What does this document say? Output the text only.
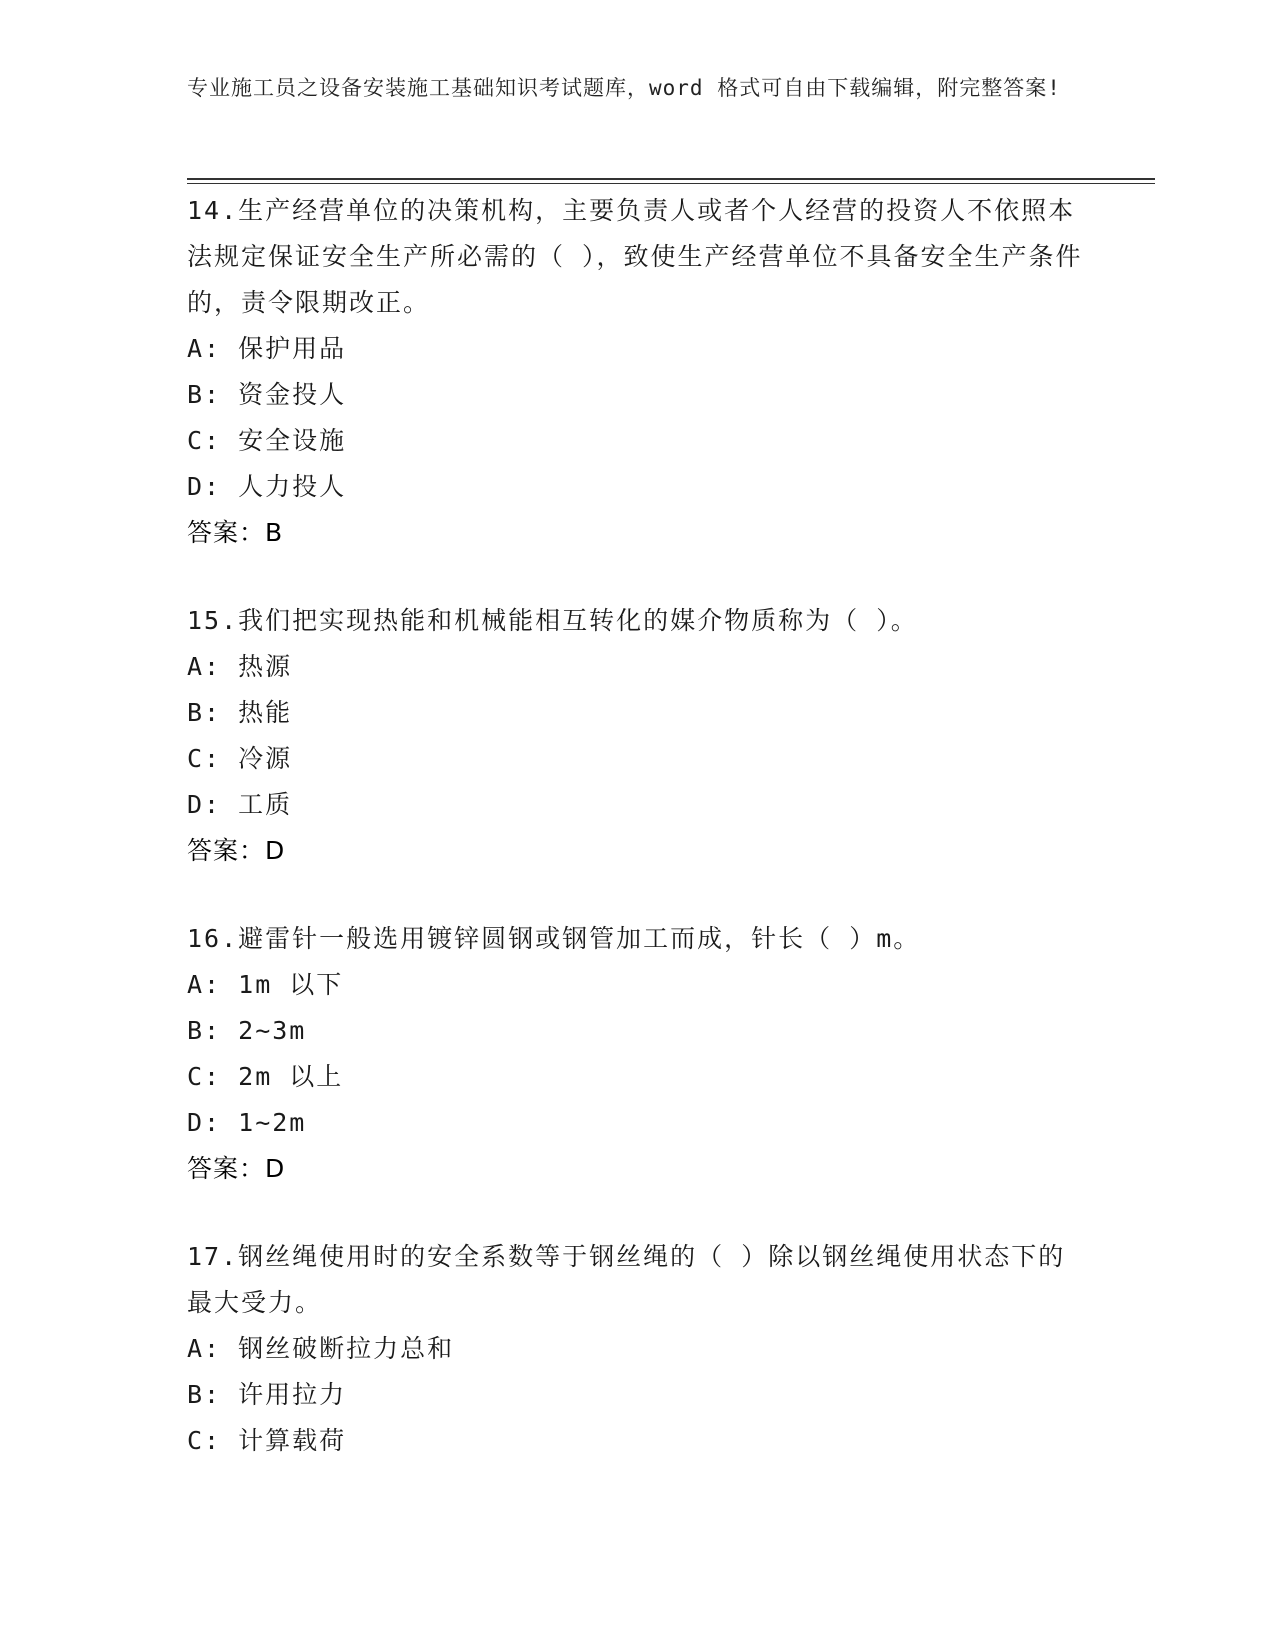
专业施工员之设备安装施工基础知识考试题库，word 格式可自由下载编辑，附完整答案!

14.生产经营单位的决策机构，主要负责人或者个人经营的投资人不依照本法规定保证安全生产所必需的（ ），致使生产经营单位不具备安全生产条件的，责令限期改正。

A: 保护用品
B: 资金投人
C: 安全设施
D: 人力投人
答案：B

15.我们把实现热能和机械能相互转化的媒介物质称为（ ）。

A: 热源
B: 热能
C: 冷源
D: 工质
答案：D

16.避雷针一般选用镀锌圆钢或钢管加工而成，针长（ ）m。

A: 1m 以下
B: 2~3m
C: 2m 以上
D: 1~2m
答案：D

17.钢丝绳使用时的安全系数等于钢丝绳的（ ）除以钢丝绳使用状态下的最大受力。

A: 钢丝破断拉力总和
B: 许用拉力
C: 计算载荷
